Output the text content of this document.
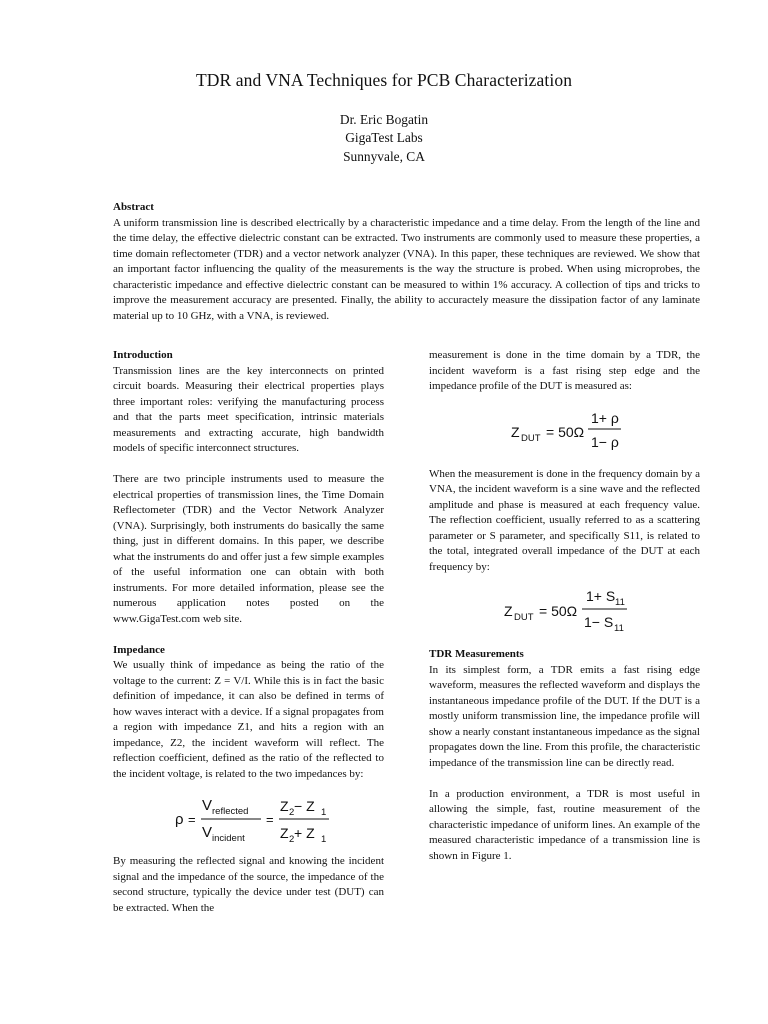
TDR and VNA Techniques for PCB Characterization
Dr. Eric Bogatin
GigaTest Labs
Sunnyvale, CA
Abstract

A uniform transmission line is described electrically by a characteristic impedance and a time delay. From the length of the line and the time delay, the effective dielectric constant can be extracted. Two instruments are commonly used to measure these properties, a time domain reflectometer (TDR) and a vector network analyzer (VNA). In this paper, these techniques are reviewed. We show that an important factor influencing the quality of the measurements is the way the structure is probed. When using microprobes, the characteristic impedance and effective dielectric constant can be measured to within 1% accuracy. A collection of tips and tricks to improve the measurement accuracy are presented. Finally, the ability to accuractely measure the dissipation factor of any laminate material up to 10 GHz, with a VNA, is reviewed.

Introduction

Transmission lines are the key interconnects on printed circuit boards. Measuring their electrical properties plays three important roles: verifying the manufacturing process and that the parts meet specification, intrinsic materials measurements and extracting accurate, high bandwidth models of specific interconnect structures.

There are two principle instruments used to measure the electrical properties of transmission lines, the Time Domain Reflectometer (TDR) and the Vector Network Analyzer (VNA). Surprisingly, both instruments do basically the same thing, just in different domains. In this paper, we describe what the instruments do and offer just a few simple examples of the useful information one can obtain with both instruments. For more detailed information, please see the numerous application notes posted on the www.GigaTest.com web site.

Impedance

We usually think of impedance as being the ratio of the voltage to the current: Z = V/I. While this is in fact the basic definition of impedance, it can also be defined in terms of how waves interact with a device. If a signal propagates from a region with impedance Z1, and hits a region with an impedance, Z2, the incident waveform will reflect. The reflection coefficient, defined as the ratio of the reflected to the incident voltage, is related to the two impedances by:

ρ =
V reflected
V incident
=
Z 2 − Z 1
Z 2 + Z 1

By measuring the reflected signal and knowing the incident signal and the impedance of the source, the impedance of the second structure, typically the device under test (DUT) can be extracted. When the

measurement is done in the time domain by a TDR, the incident waveform is a fast rising step edge and the impedance profile of the DUT is measured as:

Z DUT = 50Ω
1+ ρ
1− ρ

When the measurement is done in the frequency domain by a VNA, the incident waveform is a sine wave and the reflected amplitude and phase is measured at each frequency value. The reflection coefficient, usually referred to as a scattering parameter or S parameter, and specifically S11, is related to the total, integrated overall impedance of the DUT at each frequency by:

Z DUT = 50Ω
1+ S 11
1− S 11
TDR Measurements

In its simplest form, a TDR emits a fast rising edge waveform, measures the reflected waveform and displays the instantaneous impedance profile of the DUT. If the DUT is a mostly uniform transmission line, the impedance profile will show a nearly constant instantaneous impedance as the signal propagates down the line. From this profile, the characteristic impedance of the transmission line can be directly read.

In a production environment, a TDR is most useful in allowing the simple, fast, routine measurement of the characteristic impedance of uniform lines. An example of the measured characteristic impedance of a transmission line is shown in Figure 1.
